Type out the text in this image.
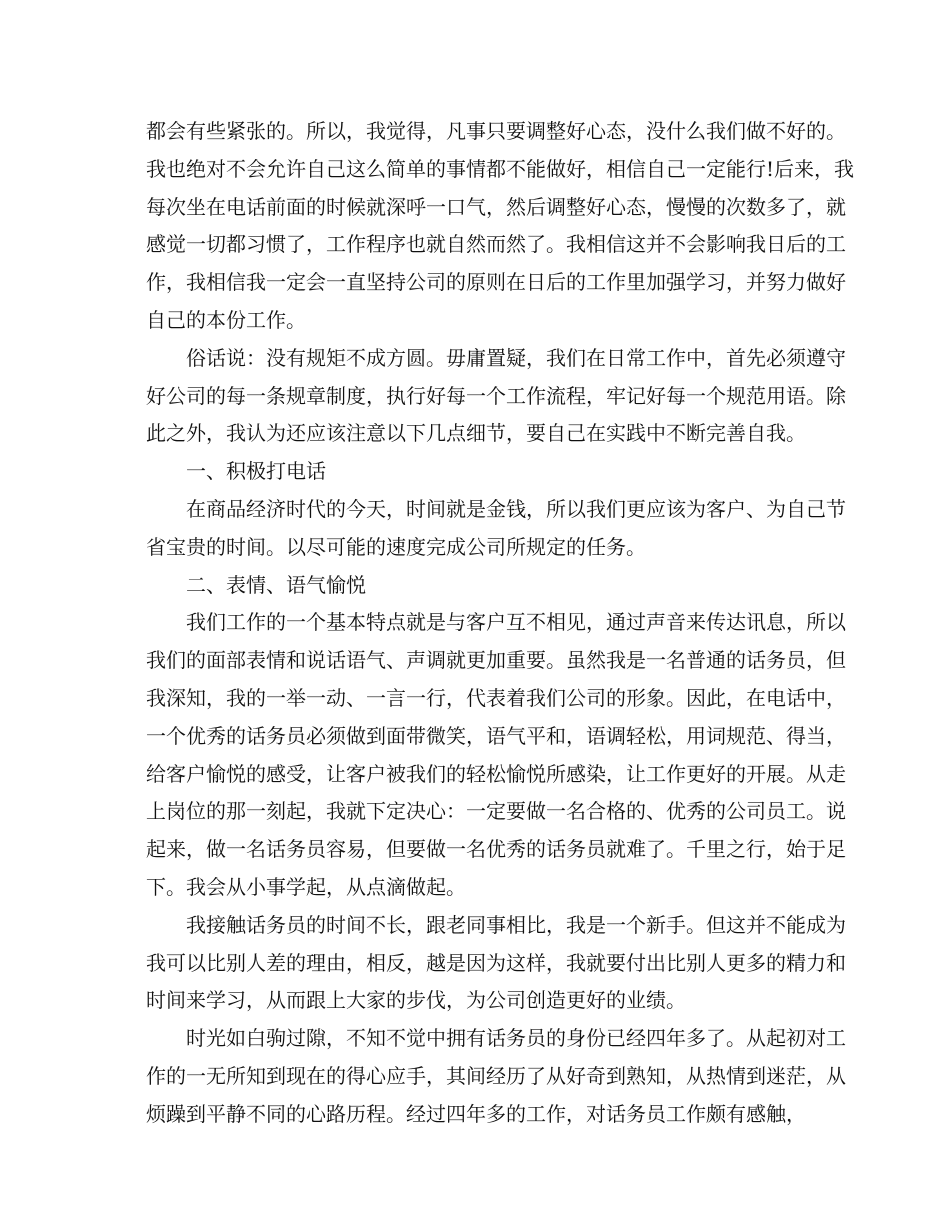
都会有些紧张的。所以，我觉得，凡事只要调整好心态，没什么我们做不好的。
我也绝对不会允许自己这么简单的事情都不能做好，相信自己一定能行!后来，我
每次坐在电话前面的时候就深呼一口气，然后调整好心态，慢慢的次数多了，就
感觉一切都习惯了，工作程序也就自然而然了。我相信这并不会影响我日后的工
作，我相信我一定会一直坚持公司的原则在日后的工作里加强学习，并努力做好
自己的本份工作。
俗话说：没有规矩不成方圆。毋庸置疑，我们在日常工作中，首先必须遵守
好公司的每一条规章制度，执行好每一个工作流程，牢记好每一个规范用语。除
此之外，我认为还应该注意以下几点细节，要自己在实践中不断完善自我。
一、积极打电话
在商品经济时代的今天，时间就是金钱，所以我们更应该为客户、为自己节
省宝贵的时间。以尽可能的速度完成公司所规定的任务。
二、表情、语气愉悦
我们工作的一个基本特点就是与客户互不相见，通过声音来传达讯息，所以
我们的面部表情和说话语气、声调就更加重要。虽然我是一名普通的话务员，但
我深知，我的一举一动、一言一行，代表着我们公司的形象。因此，在电话中，
一个优秀的话务员必须做到面带微笑，语气平和，语调轻松，用词规范、得当，
给客户愉悦的感受，让客户被我们的轻松愉悦所感染，让工作更好的开展。从走
上岗位的那一刻起，我就下定决心：一定要做一名合格的、优秀的公司员工。说
起来，做一名话务员容易，但要做一名优秀的话务员就难了。千里之行，始于足
下。我会从小事学起，从点滴做起。
我接触话务员的时间不长，跟老同事相比，我是一个新手。但这并不能成为
我可以比别人差的理由，相反，越是因为这样，我就要付出比别人更多的精力和
时间来学习，从而跟上大家的步伐，为公司创造更好的业绩。
时光如白驹过隙，不知不觉中拥有话务员的身份已经四年多了。从起初对工
作的一无所知到现在的得心应手，其间经历了从好奇到熟知，从热情到迷茫，从
烦躁到平静不同的心路历程。经过四年多的工作，对话务员工作颇有感触，
